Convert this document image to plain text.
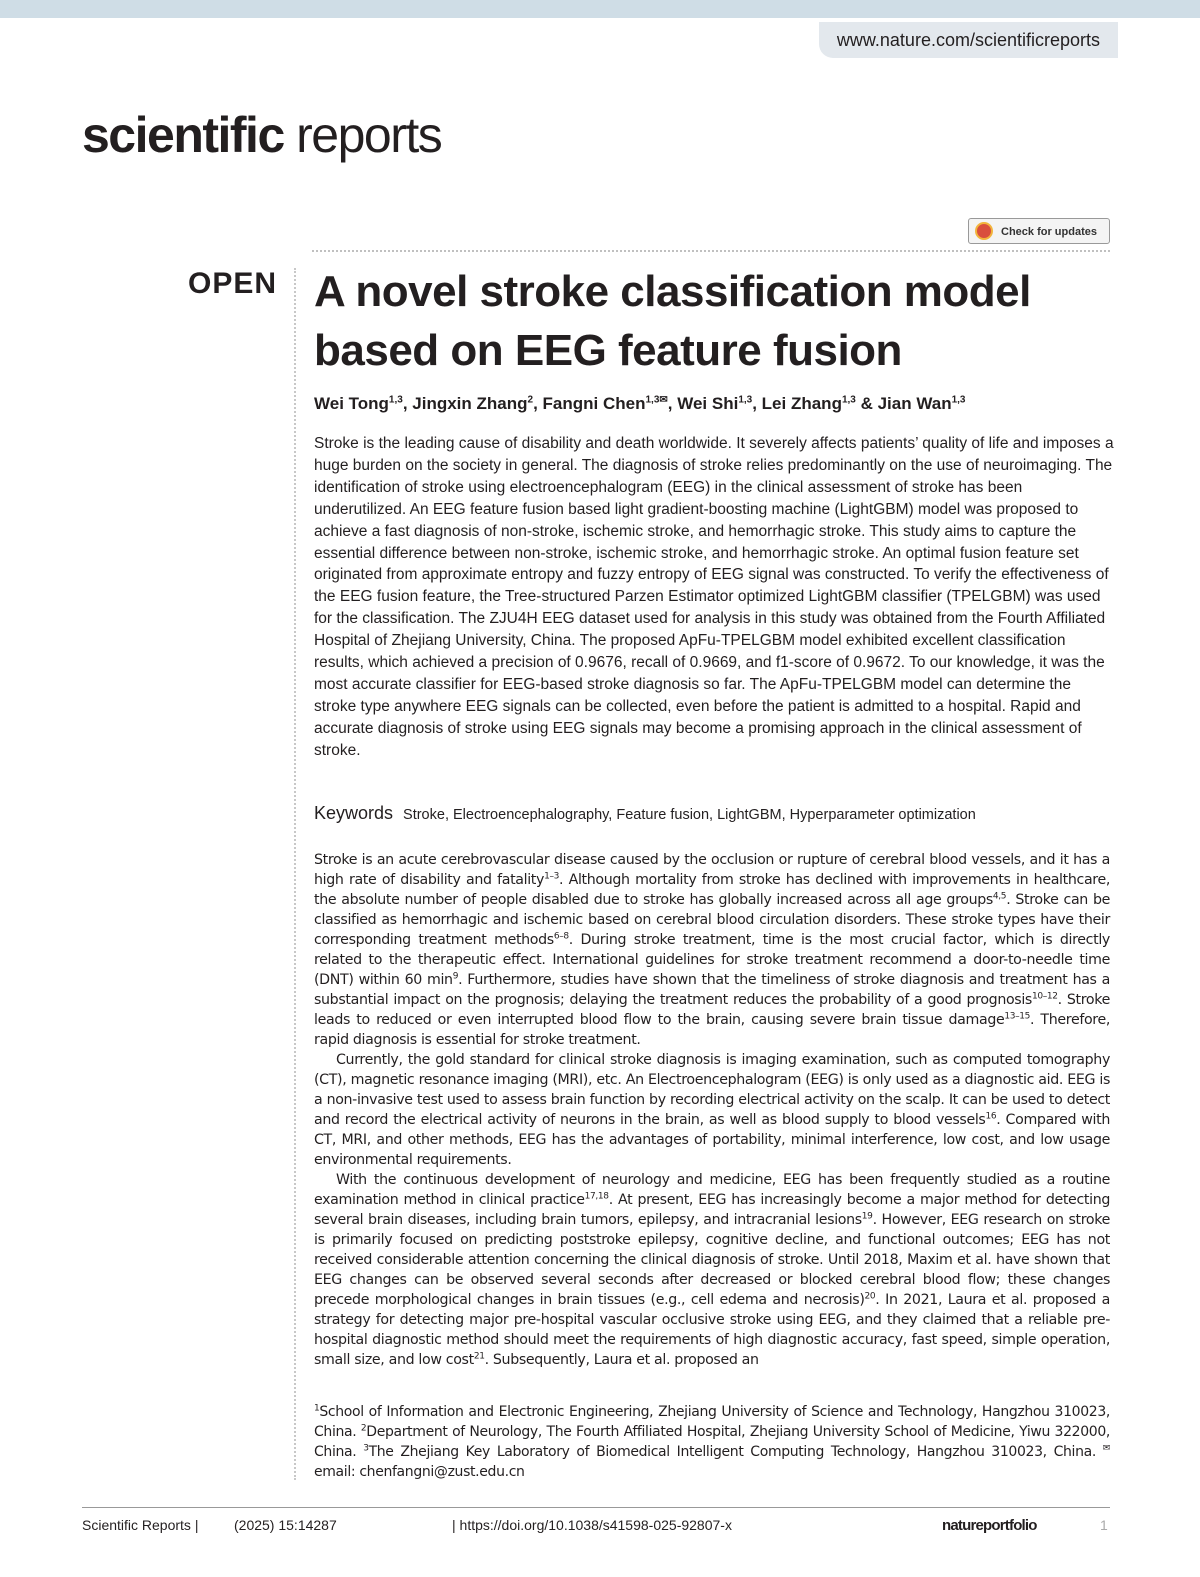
www.nature.com/scientificreports
scientific reports
Check for updates
OPEN A novel stroke classification model based on EEG feature fusion
Wei Tong$^{1,3}$, Jingxin Zhang$^2$, Fangni Chen$^{1,3✉}$, Wei Shi$^{1,3}$, Lei Zhang$^{1,3}$ & Jian Wan$^{1,3}$

Stroke is the leading cause of disability and death worldwide. It severely affects patients’ quality of life and imposes a huge burden on the society in general. The diagnosis of stroke relies predominantly on the use of neuroimaging. The identification of stroke using electroencephalogram (EEG) in the clinical assessment of stroke has been underutilized. An EEG feature fusion based light gradient-boosting machine (LightGBM) model was proposed to achieve a fast diagnosis of non-stroke, ischemic stroke, and hemorrhagic stroke. This study aims to capture the essential difference between non-stroke, ischemic stroke, and hemorrhagic stroke. An optimal fusion feature set originated from approximate entropy and fuzzy entropy of EEG signal was constructed. To verify the effectiveness of the EEG fusion feature, the Tree-structured Parzen Estimator optimized LightGBM classifier (TPELGBM) was used for the classification. The ZJU4H EEG dataset used for analysis in this study was obtained from the Fourth Affiliated Hospital of Zhejiang University, China. The proposed ApFu-TPELGBM model exhibited excellent classification results, which achieved a precision of 0.9676, recall of 0.9669, and f1-score of 0.9672. To our knowledge, it was the most accurate classifier for EEG-based stroke diagnosis so far. The ApFu-TPELGBM model can determine the stroke type anywhere EEG signals can be collected, even before the patient is admitted to a hospital. Rapid and accurate diagnosis of stroke using EEG signals may become a promising approach in the clinical assessment of stroke.

Keywords Stroke, Electroencephalography, Feature fusion, LightGBM, Hyperparameter optimization

Stroke is an acute cerebrovascular disease caused by the occlusion or rupture of cerebral blood vessels, and it has a high rate of disability and fatality$^{1-3}$. Although mortality from stroke has declined with improvements in healthcare, the absolute number of people disabled due to stroke has globally increased across all age groups$^{4,5}$. Stroke can be classified as hemorrhagic and ischemic based on cerebral blood circulation disorders. These stroke types have their corresponding treatment methods$^{6-8}$. During stroke treatment, time is the most crucial factor, which is directly related to the therapeutic effect. International guidelines for stroke treatment recommend a door-to-needle time (DNT) within 60 $\min^9$. Furthermore, studies have shown that the timeliness of stroke diagnosis and treatment has a substantial impact on the prognosis; delaying the treatment reduces the probability of a good prognosis$^{10-12}$. Stroke leads to reduced or even interrupted blood flow to the brain, causing severe brain tissue damage$^{13-15}$. Therefore, rapid diagnosis is essential for stroke treatment.

Currently, the gold standard for clinical stroke diagnosis is imaging examination, such as computed tomography (CT), magnetic resonance imaging (MRI), etc. An Electroencephalogram (EEG) is only used as a diagnostic aid. EEG is a non-invasive test used to assess brain function by recording electrical activity on the scalp. It can be used to detect and record the electrical activity of neurons in the brain, as well as blood supply to blood vessels$^{16}$. Compared with CT, MRI, and other methods, EEG has the advantages of portability, minimal interference, low cost, and low usage environmental requirements.

With the continuous development of neurology and medicine, EEG has been frequently studied as a routine examination method in clinical practice$^{17,18}$. At present, EEG has increasingly become a major method for detecting several brain diseases, including brain tumors, epilepsy, and intracranial lesions$^{19}$. However, EEG research on stroke is primarily focused on predicting poststroke epilepsy, cognitive decline, and functional outcomes; EEG has not received considerable attention concerning the clinical diagnosis of stroke. Until 2018, Maxim et al. have shown that EEG changes can be observed several seconds after decreased or blocked cerebral blood flow; these changes precede morphological changes in brain tissues (e.g., cell edema and necrosis)$^{20}$. In 2021, Laura et al. proposed a strategy for detecting major pre-hospital vascular occlusive stroke using EEG, and they claimed that a reliable pre-hospital diagnostic method should meet the requirements of high diagnostic accuracy, fast speed, simple operation, small size, and low cost$^{21}$. Subsequently, Laura et al. proposed an

$^1$School of Information and Electronic Engineering, Zhejiang University of Science and Technology, Hangzhou 310023, China. $^2$Department of Neurology, The Fourth Affiliated Hospital, Zhejiang University School of Medicine, Yiwu 322000, China. $^3$The Zhejiang Key Laboratory of Biomedical Intelligent Computing Technology, Hangzhou 310023, China. ✉email: chenfangni@zust.edu.cn

Scientific Reports |	(2025) 15:14287	| https://doi.org/10.1038/s41598-025-92807-x	natureportfolio	1
